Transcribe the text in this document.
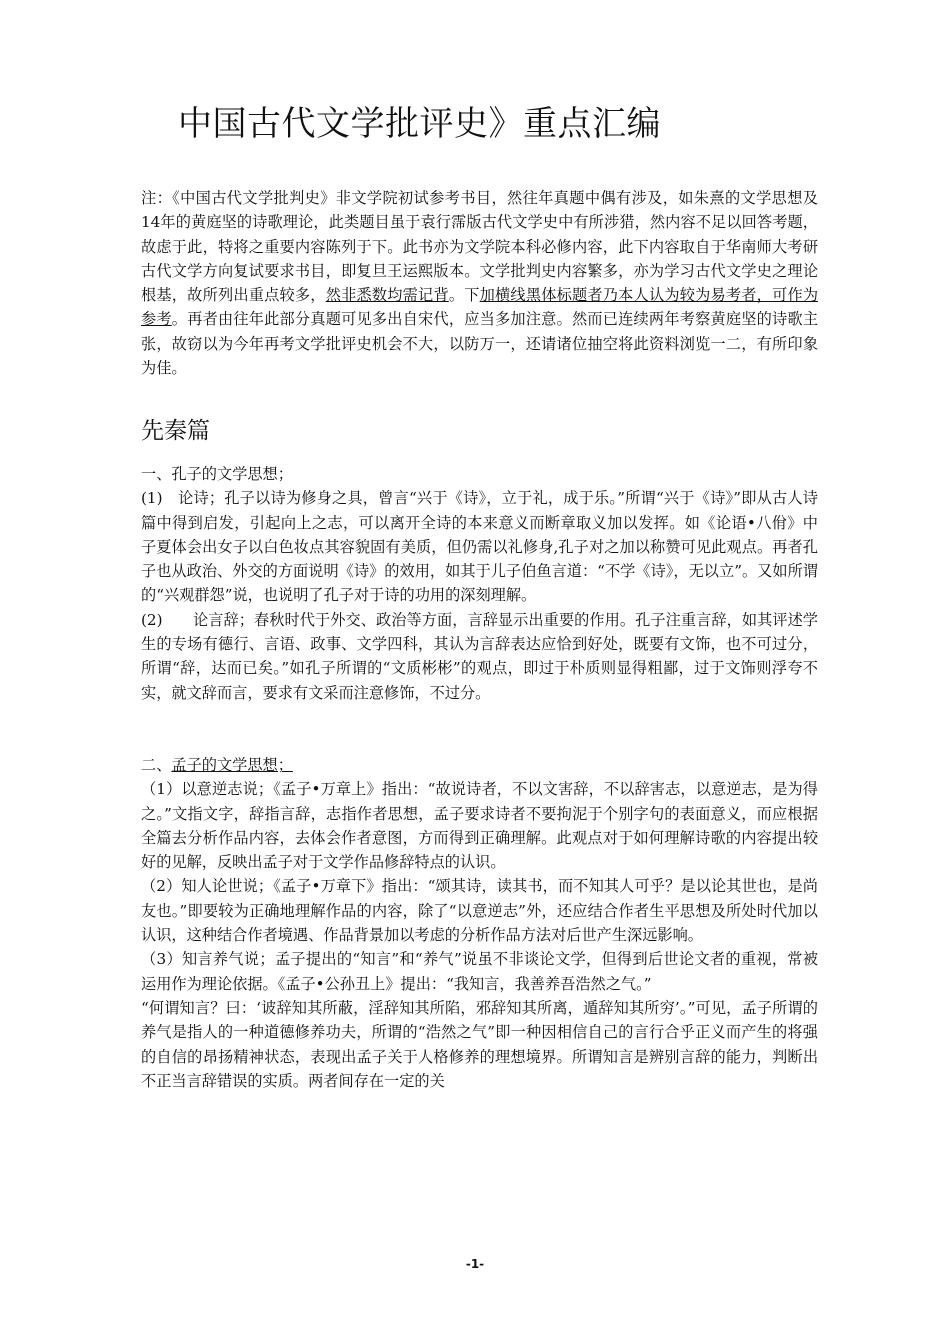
中国古代文学批评史》重点汇编
注：《中国古代文学批判史》非文学院初试参考书目，然往年真题中偶有涉及，如朱熹的文学思想及14年的黄庭坚的诗歌理论，此类题目虽于袁行霈版古代文学史中有所涉猎，然内容不足以回答考题，故虑于此，特将之重要内容陈列于下。此书亦为文学院本科必修内容，此下内容取自于华南师大考研古代文学方向复试要求书目，即复旦王运熙版本。文学批判史内容繁多，亦为学习古代文学史之理论根基，故所列出重点较多，然非悉数均需记背。下加横线黑体标题者乃本人认为较为易考者，可作为参考。再者由往年此部分真题可见多出自宋代，应当多加注意。然而已连续两年考察黄庭坚的诗歌主张，故窃以为今年再考文学批评史机会不大，以防万一，还请诸位抽空将此资料浏览一二，有所印象为佳。
先秦篇
一、孔子的文学思想；

(1)　论诗；孔子以诗为修身之具，曾言“兴于《诗》，立于礼，成于乐。”所谓“兴于《诗》”即从古人诗篇中得到启发，引起向上之志，可以离开全诗的本来意义而断章取义加以发挥。如《论语•八佾》中子夏体会出女子以白色妆点其容貌固有美质，但仍需以礼修身,孔子对之加以称赞可见此观点。再者孔子也从政治、外交的方面说明《诗》的效用，如其于儿子伯鱼言道：“不学《诗》，无以立”。又如所谓的“兴观群怨”说，也说明了孔子对于诗的功用的深刻理解。

(2)　　论言辞；春秋时代于外交、政治等方面，言辞显示出重要的作用。孔子注重言辞，如其评述学生的专场有德行、言语、政事、文学四科，其认为言辞表达应恰到好处，既要有文饰，也不可过分，所谓“辞，达而已矣。”如孔子所谓的“文质彬彬”的观点，即过于朴质则显得粗鄙，过于文饰则浮夸不实，就文辞而言，要求有文采而注意修饰，不过分。

二、孟子的文学思想；

（1）以意逆志说；《孟子•万章上》指出：“故说诗者，不以文害辞，不以辞害志，以意逆志，是为得之。”文指文字，辞指言辞，志指作者思想，孟子要求诗者不要拘泥于个别字句的表面意义，而应根据全篇去分析作品内容，去体会作者意图，方而得到正确理解。此观点对于如何理解诗歌的内容提出较好的见解，反映出孟子对于文学作品修辞特点的认识。

（2）知人论世说；《孟子•万章下》指出：“颂其诗，读其书，而不知其人可乎？是以论其世也，是尚友也。”即要较为正确地理解作品的内容，除了“以意逆志”外，还应结合作者生平思想及所处时代加以认识，这种结合作者境遇、作品背景加以考虑的分析作品方法对后世产生深远影响。

（3）知言养气说；孟子提出的“知言”和“养气”说虽不非谈论文学，但得到后世论文者的重视，常被运用作为理论依据。《孟子•公孙丑上》提出：“我知言，我善养吾浩然之气。”

“何谓知言？曰：‘诐辞知其所蔽，淫辞知其所陷，邪辞知其所离，遁辞知其所穷’。”可见，孟子所谓的养气是指人的一种道德修养功夫，所谓的“浩然之气”即一种因相信自己的言行合乎正义而产生的将强的自信的昂扬精神状态，表现出孟子关于人格修养的理想境界。所谓知言是辨别言辞的能力，判断出不正当言辞错误的实质。两者间存在一定的关

-1-
